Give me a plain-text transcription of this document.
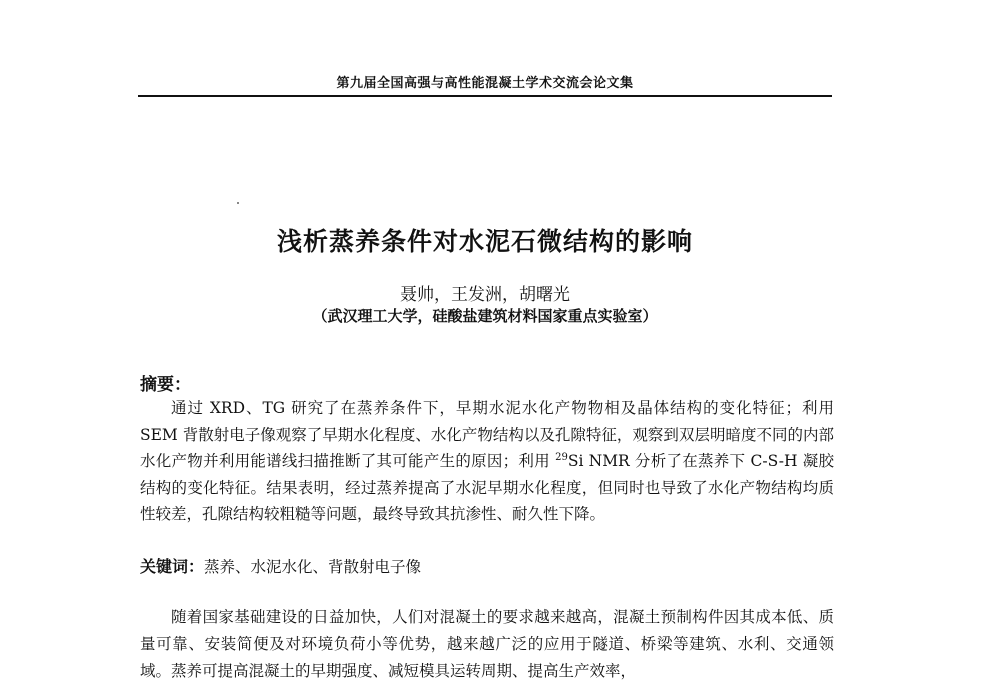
第九届全国高强与高性能混凝土学术交流会论文集
浅析蒸养条件对水泥石微结构的影响
聂帅，王发洲，胡曙光
（武汉理工大学，硅酸盐建筑材料国家重点实验室）
摘要：

通过 XRD、TG 研究了在蒸养条件下，早期水泥水化产物物相及晶体结构的变化特征；利用 SEM 背散射电子像观察了早期水化程度、水化产物结构以及孔隙特征，观察到双层明暗度不同的内部水化产物并利用能谱线扫描推断了其可能产生的原因；利用 $^{29}$Si NMR 分析了在蒸养下 C-S-H 凝胶结构的变化特征。结果表明，经过蒸养提高了水泥早期水化程度，但同时也导致了水化产物结构均质性较差，孔隙结构较粗糙等问题，最终导致其抗渗性、耐久性下降。

关键词：蒸养、水泥水化、背散射电子像
随着国家基础建设的日益加快，人们对混凝土的要求越来越高，混凝土预制构件因其成本低、质量可靠、安装简便及对环境负荷小等优势，越来越广泛的应用于隧道、桥梁等建筑、水利、交通领域。蒸养可提高混凝土的早期强度、减短模具运转周期、提高生产效率，
